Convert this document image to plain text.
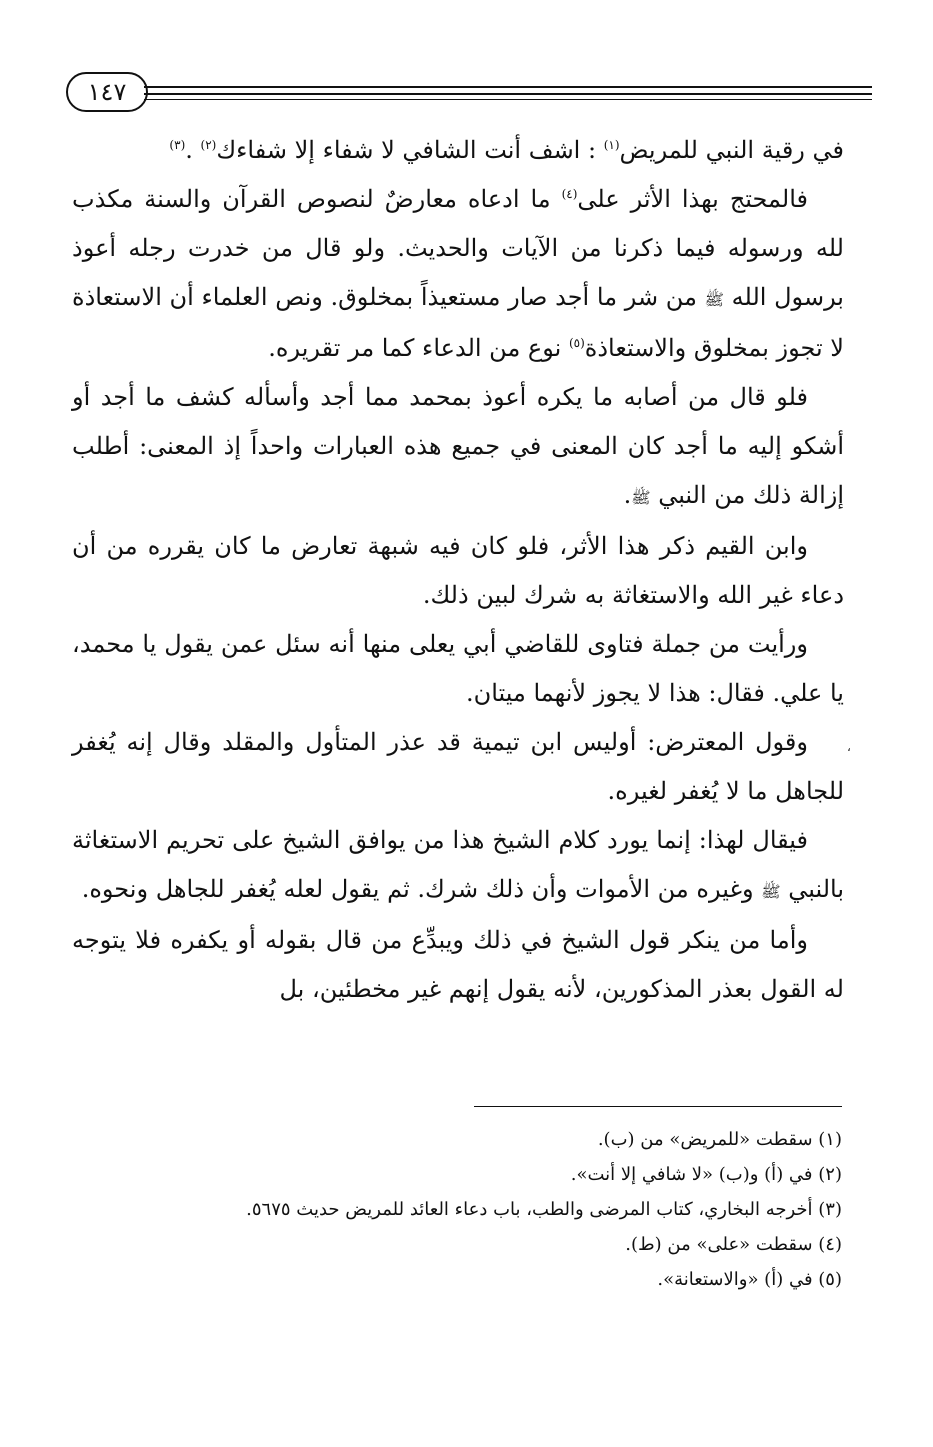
١٤٧

في رقية النبي للمريض$^{(١)}$ : اشف أنت الشافي لا شفاء إلا شفاءك$^{(٢)}$ .$^{(٣)}$

فالمحتج بهذا الأثر على$^{(٤)}$ ما ادعاه معارضٌ لنصوص القرآن والسنة مكذب لله ورسوله فيما ذكرنا من الآيات والحديث. ولو قال من خدرت رجله أعوذ برسول الله ﷺ من شر ما أجد صار مستعيذاً بمخلوق. ونص العلماء أن الاستعاذة لا تجوز بمخلوق والاستعاذة$^{(٥)}$ نوع من الدعاء كما مر تقريره.

فلو قال من أصابه ما يكره أعوذ بمحمد مما أجد وأسأله كشف ما أجد أو أشكو إليه ما أجد كان المعنى في جميع هذه العبارات واحداً إذ المعنى: أطلب إزالة ذلك من النبي ﷺ.

وابن القيم ذكر هذا الأثر، فلو كان فيه شبهة تعارض ما كان يقرره من أن دعاء غير الله والاستغاثة به شرك لبين ذلك.

ورأيت من جملة فتاوى للقاضي أبي يعلى منها أنه سئل عمن يقول يا محمد، يا علي. فقال: هذا لا يجوز لأنهما ميتان.

وقول المعترض: أوليس ابن تيمية قد عذر المتأول والمقلد وقال إنه يُغفر للجاهل ما لا يُغفر لغيره.

فيقال لهذا: إنما يورد كلام الشيخ هذا من يوافق الشيخ على تحريم الاستغاثة بالنبي ﷺ وغيره من الأموات وأن ذلك شرك. ثم يقول لعله يُغفر للجاهل ونحوه.

وأما من ينكر قول الشيخ في ذلك ويبدِّع من قال بقوله أو يكفره فلا يتوجه له القول بعذر المذكورين، لأنه يقول إنهم غير مخطئين، بل

،
(١) سقطت «للمريض» من (ب).
(٢) في (أ) و(ب) «لا شافي إلا أنت».
(٣) أخرجه البخاري، كتاب المرضى والطب، باب دعاء العائد للمريض حديث ٥٦٧٥.
(٤) سقطت «على» من (ط).
(٥) في (أ) «والاستعانة».
